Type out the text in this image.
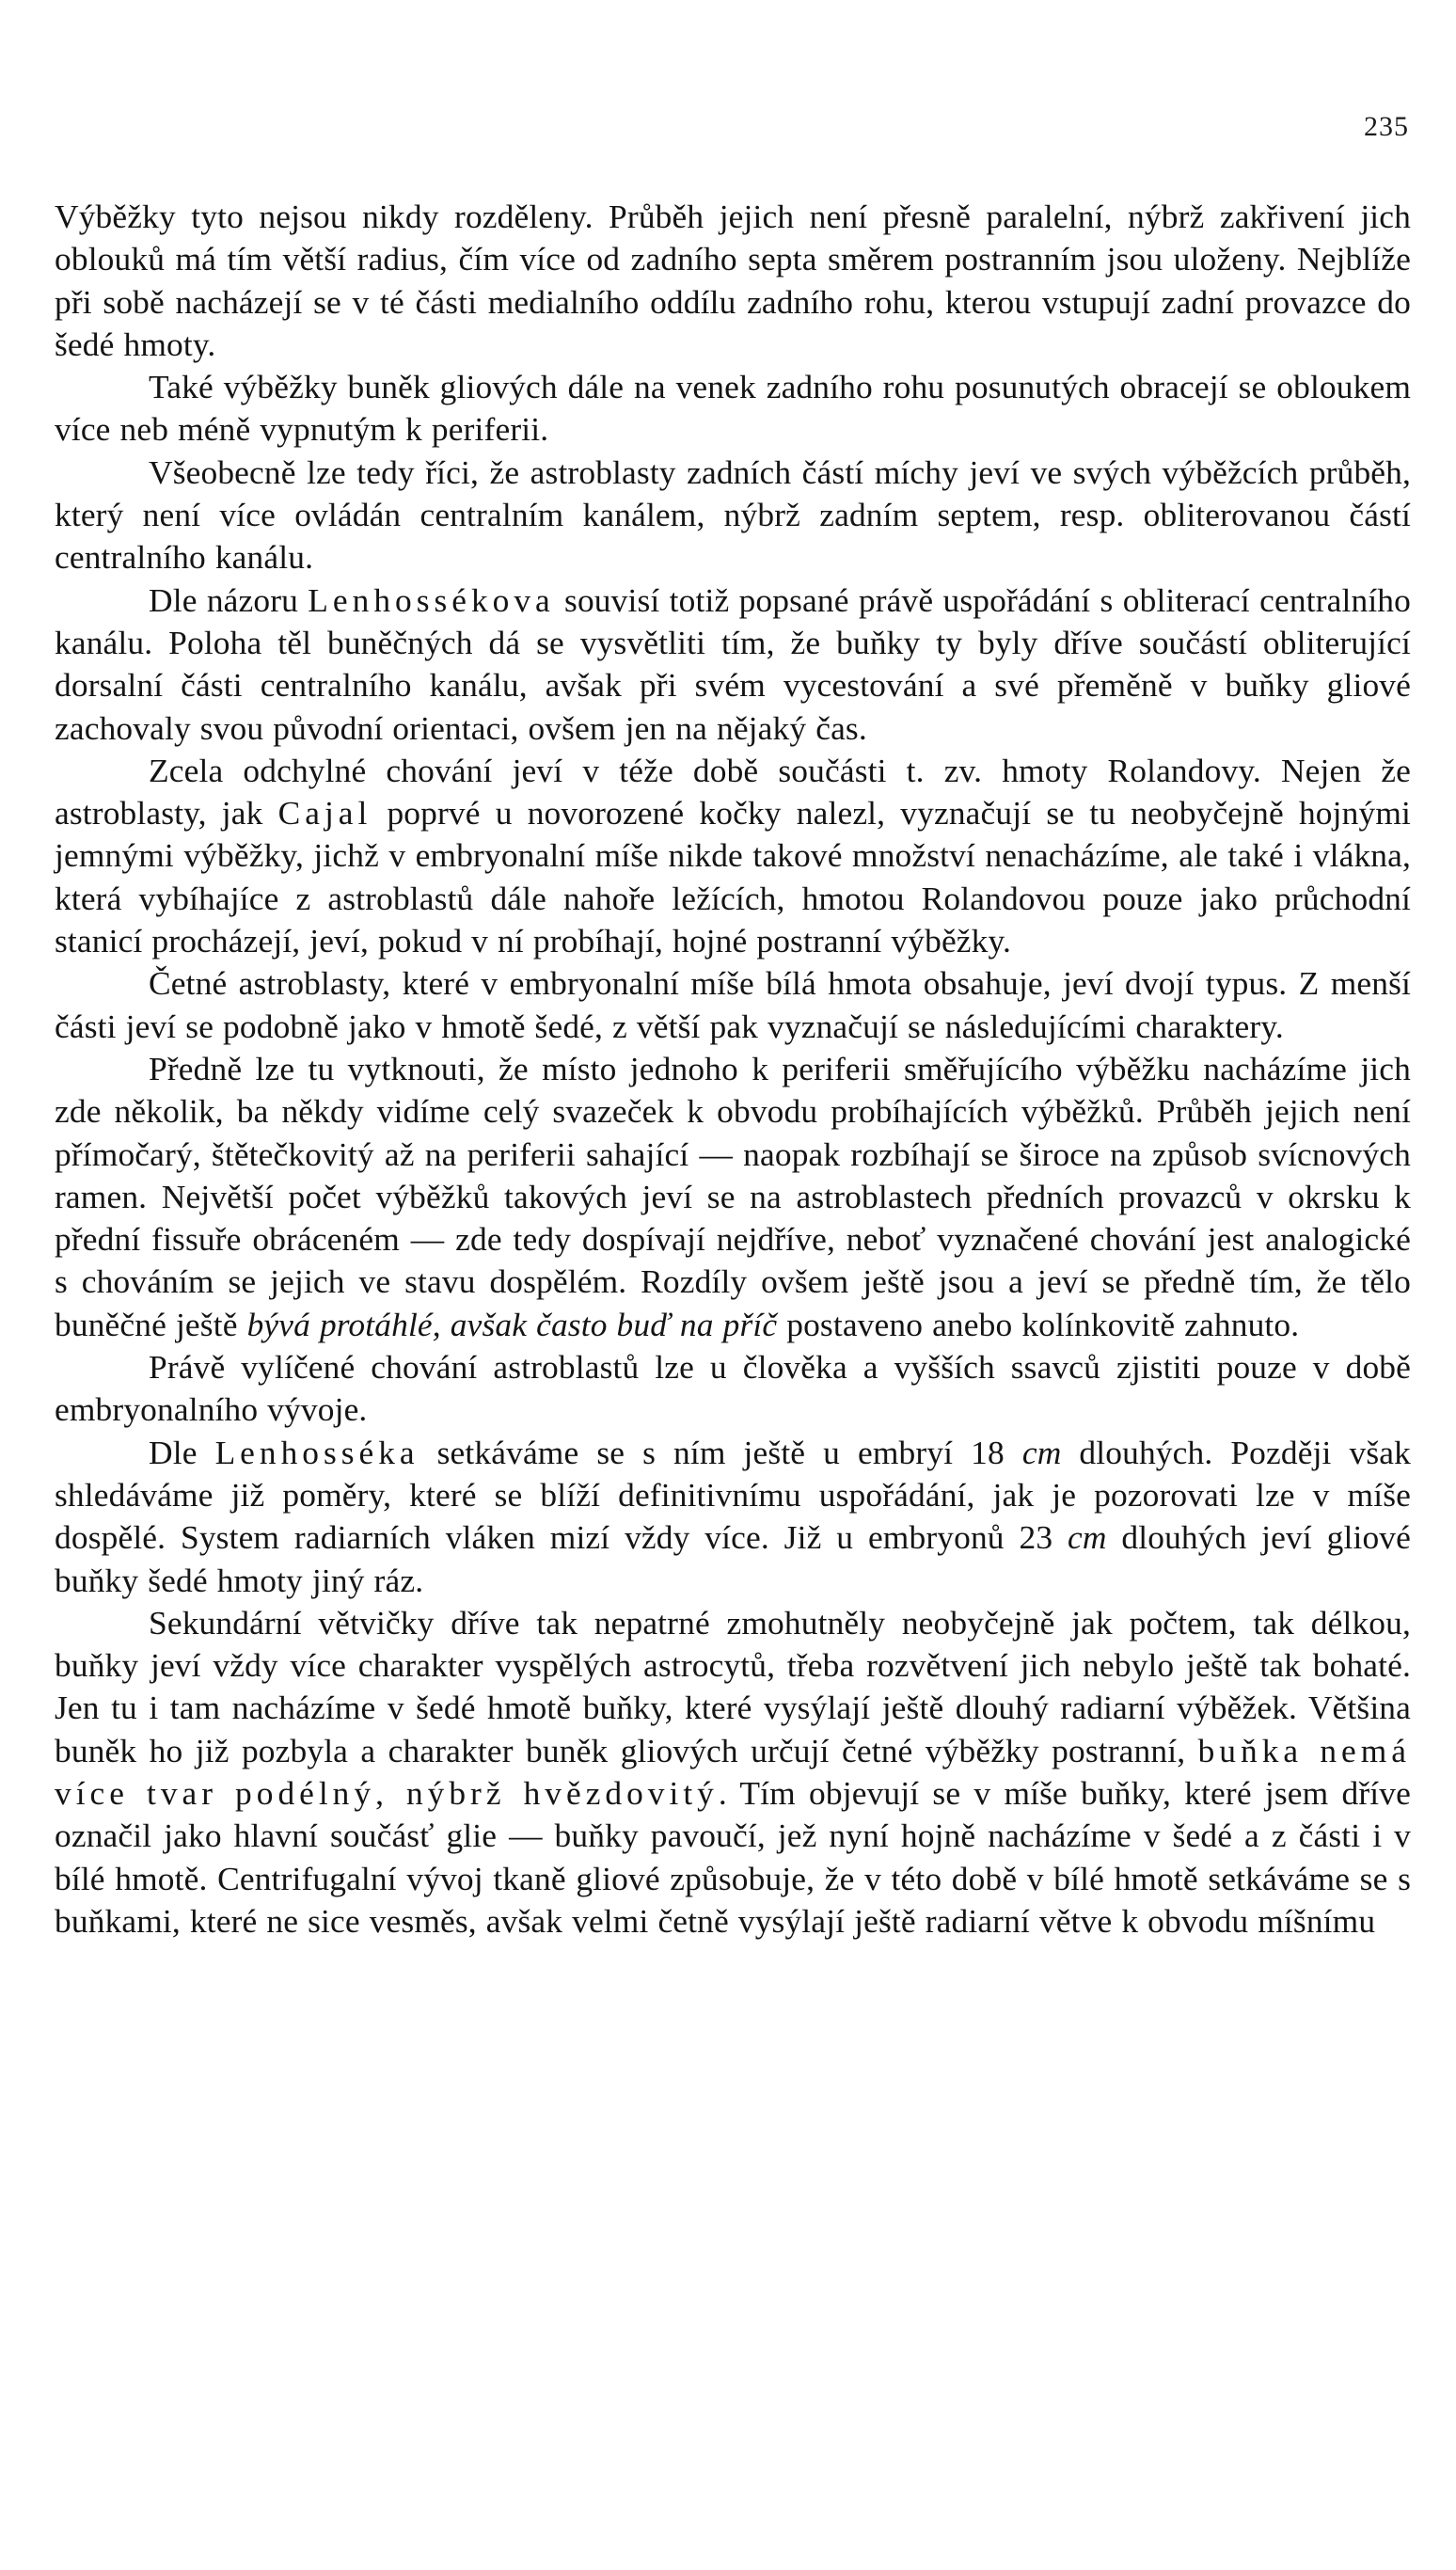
235

Výběžky tyto nejsou nikdy rozděleny. Průběh jejich není přesně paralelní, nýbrž zakřivení jich oblouků má tím větší radius, čím více od zadního septa směrem postranním jsou uloženy. Nejblíže při sobě nacházejí se v té části medialního oddílu zadního rohu, kterou vstupují zadní provazce do šedé hmoty.

Také výběžky buněk gliových dále na venek zadního rohu posunutých obracejí se obloukem více neb méně vypnutým k periferii.

Všeobecně lze tedy říci, že astroblasty zadních částí míchy jeví ve svých výběžcích průběh, který není více ovládán centralním kanálem, nýbrž zadním septem, resp. obliterovanou částí centralního kanálu.

Dle názoru Lenhossékova souvisí totiž popsané právě uspořádání s obliterací centralního kanálu. Poloha těl buněčných dá se vysvětliti tím, že buňky ty byly dříve součástí obliterující dorsalní části centralního kanálu, avšak při svém vycestování a své přeměně v buňky gliové zachovaly svou původní orientaci, ovšem jen na nějaký čas.

Zcela odchylné chování jeví v téže době součásti t. zv. hmoty Rolandovy. Nejen že astroblasty, jak Cajal poprvé u novorozené kočky nalezl, vyznačují se tu neobyčejně hojnými jemnými výběžky, jichž v embryonalní míše nikde takové množství nenacházíme, ale také i vlákna, která vybíhajíce z astroblastů dále nahoře ležících, hmotou Rolandovou pouze jako průchodní stanicí procházejí, jeví, pokud v ní probíhají, hojné postranní výběžky.

Četné astroblasty, které v embryonalní míše bílá hmota obsahuje, jeví dvojí typus. Z menší části jeví se podobně jako v hmotě šedé, z větší pak vyznačují se následujícími charaktery.

Předně lze tu vytknouti, že místo jednoho k periferii směřujícího výběžku nacházíme jich zde několik, ba někdy vidíme celý svazeček k obvodu probíhajících výběžků. Průběh jejich není přímočarý, štětečkovitý až na periferii sahající — naopak rozbíhají se široce na způsob svícnových ramen. Největší počet výběžků takových jeví se na astroblastech předních provazců v okrsku k přední fissuře obráceném — zde tedy dospívají nejdříve, neboť vyznačené chování jest analogické s chováním se jejich ve stavu dospělém. Rozdíly ovšem ještě jsou a jeví se předně tím, že tělo buněčné ještě bývá protáhlé, avšak často buď na příč postaveno anebo kolínkovitě zahnuto.

Právě vylíčené chování astroblastů lze u člověka a vyšších ssavců zjistiti pouze v době embryonalního vývoje.

Dle Lenhosséka setkáváme se s ním ještě u embryí 18 cm dlouhých. Později však shledáváme již poměry, které se blíží definitivnímu uspořádání, jak je pozorovati lze v míše dospělé. System radiarních vláken mizí vždy více. Již u embryonů 23 cm dlouhých jeví gliové buňky šedé hmoty jiný ráz.

Sekundární větvičky dříve tak nepatrné zmohutněly neobyčejně jak počtem, tak délkou, buňky jeví vždy více charakter vyspělých astrocytů, třeba rozvětvení jich nebylo ještě tak bohaté. Jen tu i tam nacházíme v šedé hmotě buňky, které vysýlají ještě dlouhý radiarní výběžek. Většina buněk ho již pozbyla a charakter buněk gliových určují četné výběžky postranní, buňka nemá více tvar podélný, nýbrž hvězdovitý. Tím objevují se v míše buňky, které jsem dříve označil jako hlavní součásť glie — buňky pavoučí, jež nyní hojně nacházíme v šedé a z části i v bílé hmotě. Centrifugalní vývoj tkaně gliové způsobuje, že v této době v bílé hmotě setkáváme se s buňkami, které ne sice vesměs, avšak velmi četně vysýlají ještě radiarní větve k obvodu míšnímu
